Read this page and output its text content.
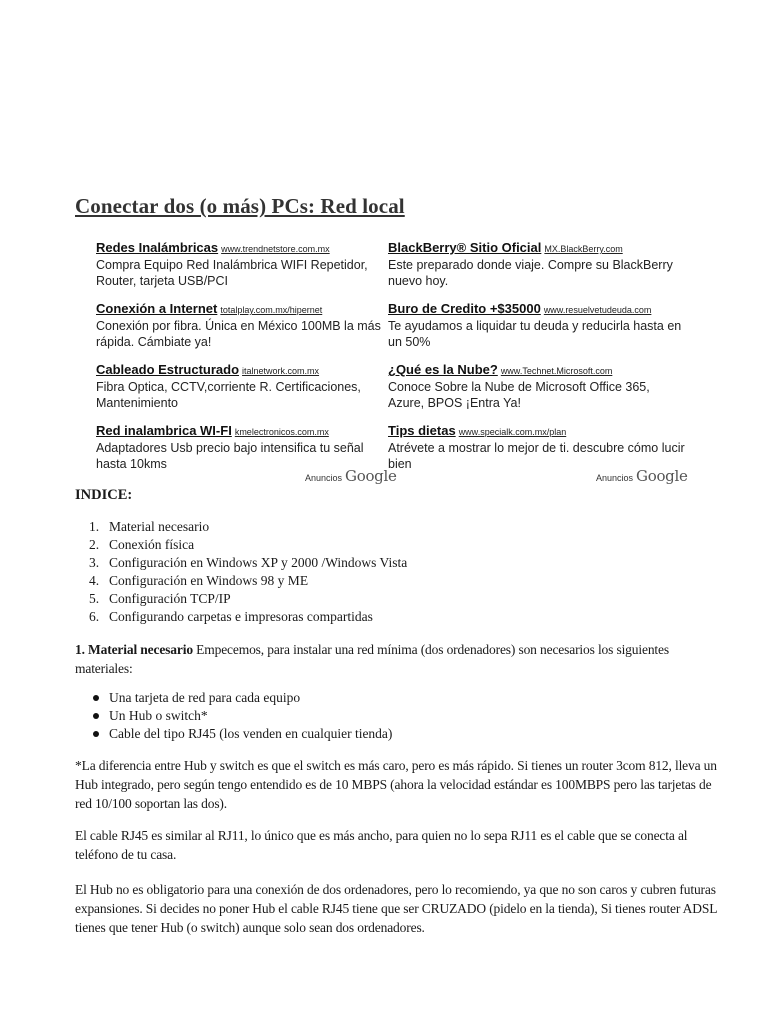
Conectar dos (o más) PCs: Red local
Redes Inalámbricas www.trendnetstore.com.mx
Compra Equipo Red Inalámbrica WIFI Repetidor, Router, tarjeta USB/PCI
BlackBerry® Sitio Oficial MX.BlackBerry.com
Este preparado donde viaje. Compre su BlackBerry nuevo hoy.
Conexión a Internet totalplay.com.mx/hipernet
Conexión por fibra. Única en México 100MB la más rápida. Cámbiate ya!
Buro de Credito +$35000 www.resuelvetudeuda.com
Te ayudamos a liquidar tu deuda y reducirla hasta en un 50%
Cableado Estructurado italnetwork.com.mx
Fibra Optica, CCTV,corriente R. Certificaciones, Mantenimiento
¿Qué es la Nube? www.Technet.Microsoft.com
Conoce Sobre la Nube de Microsoft Office 365, Azure, BPOS ¡Entra Ya!
Red inalambrica WI-FI kmelectronicos.com.mx
Adaptadores Usb precio bajo intensifica tu señal hasta 10kms
Tips dietas www.specialk.com.mx/plan
Atrévete a mostrar lo mejor de ti. descubre cómo lucir bien
Anuncios Google	Anuncios Google
INDICE:
1. Material necesario
2. Conexión física
3. Configuración en Windows XP y 2000 /Windows Vista
4. Configuración en Windows 98 y ME
5. Configuración TCP/IP
6. Configurando carpetas e impresoras compartidas

1. Material necesario Empecemos, para instalar una red mínima (dos ordenadores) son necesarios los siguientes materiales:

Una tarjeta de red para cada equipo
Un Hub o switch*
Cable del tipo RJ45 (los venden en cualquier tienda)

*La diferencia entre Hub y switch es que el switch es más caro, pero es más rápido. Si tienes un router 3com 812, lleva un Hub integrado, pero según tengo entendido es de 10 MBPS (ahora la velocidad estándar es 100MBPS pero las tarjetas de red 10/100 soportan las dos).

El cable RJ45 es similar al RJ11, lo único que es más ancho, para quien no lo sepa RJ11 es el cable que se conecta al teléfono de tu casa.

El Hub no es obligatorio para una conexión de dos ordenadores, pero lo recomiendo, ya que no son caros y cubren futuras expansiones. Si decides no poner Hub el cable RJ45 tiene que ser CRUZADO (pidelo en la tienda), Si tienes router ADSL tienes que tener Hub (o switch) aunque solo sean dos ordenadores.
